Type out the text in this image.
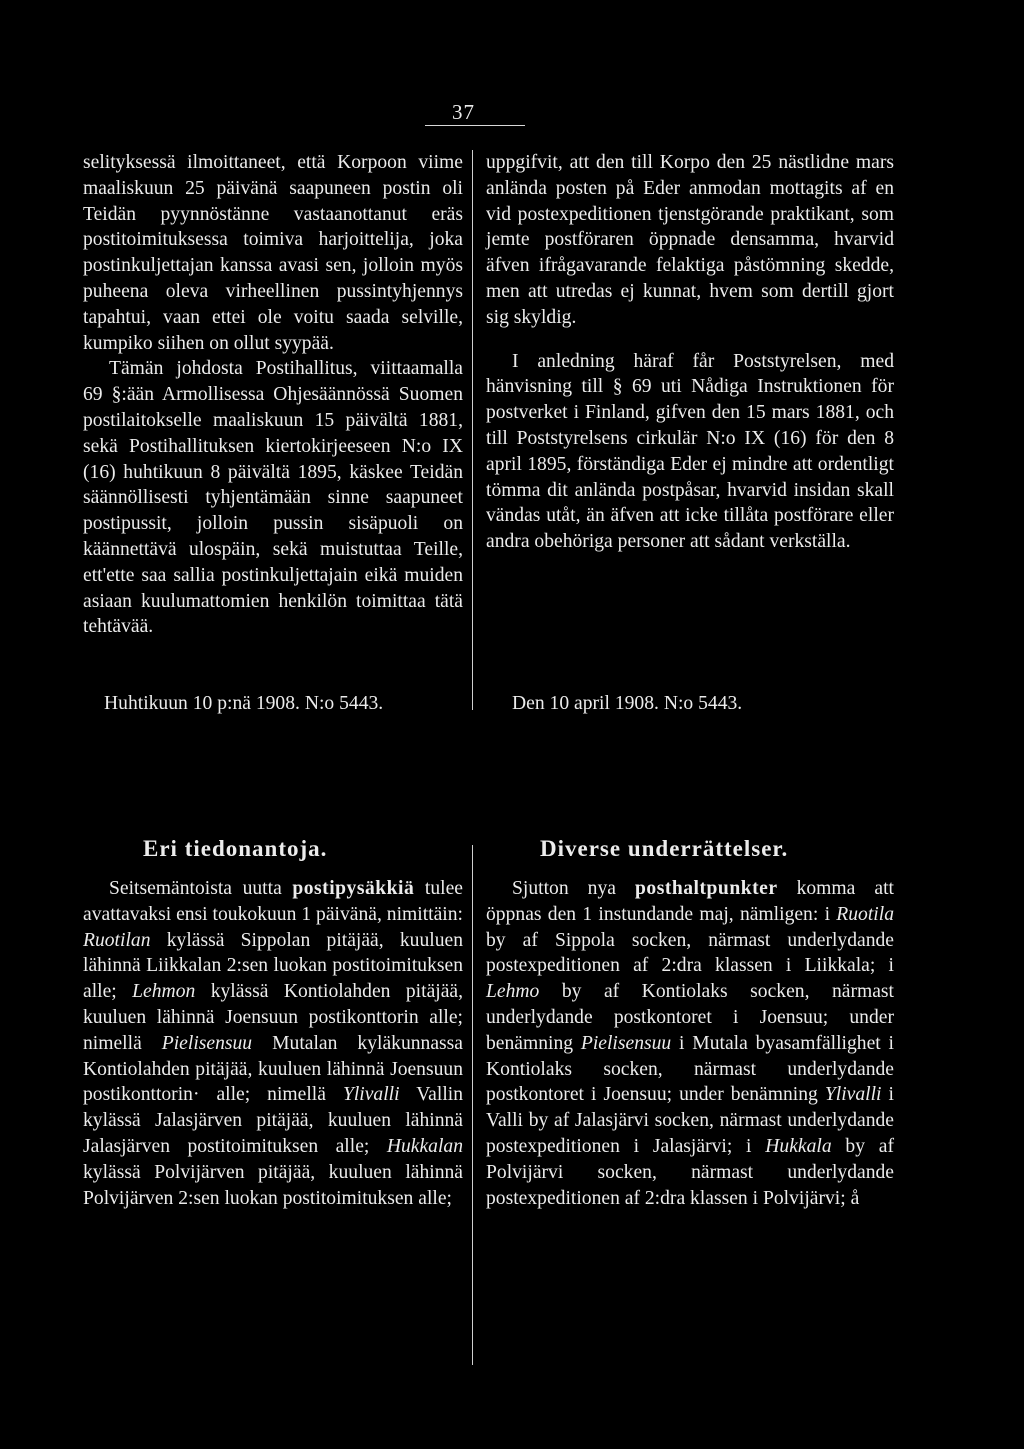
37

selityksessä ilmoittaneet, että Korpoon viime maaliskuun 25 päivänä saapuneen postin oli Teidän pyynnöstänne vastaanottanut eräs postitoimituksessa toimiva harjoittelija, joka postinkuljettajan kanssa avasi sen, jolloin myös puheena oleva virheellinen pussintyhjennys tapahtui, vaan ettei ole voitu saada selville, kumpiko siihen on ollut syypää.

Tämän johdosta Postihallitus, viittaamalla 69 §:ään Armollisessa Ohjesäännössä Suomen postilaitokselle maaliskuun 15 päivältä 1881, sekä Postihallituksen kiertokirjeeseen N:o IX (16) huhtikuun 8 päivältä 1895, käskee Teidän säännöllisesti tyhjentämään sinne saapuneet postipussit, jolloin pussin sisäpuoli on käännettävä ulospäin, sekä muistuttaa Teille, ett'ette saa sallia postinkuljettajain eikä muiden asiaan kuulumattomien henkilön toimittaa tätä tehtävää.

Huhtikuun 10 p:nä 1908. N:o 5443.

uppgifvit, att den till Korpo den 25 nästlidne mars anlända posten på Eder anmodan mottagits af en vid postexpeditionen tjenstgörande praktikant, som jemte postföraren öppnade densamma, hvarvid äfven ifrågavarande felaktiga påstömning skedde, men att utredas ej kunnat, hvem som dertill gjort sig skyldig.

I anledning häraf får Poststyrelsen, med hänvisning till § 69 uti Nådiga Instruktionen för postverket i Finland, gifven den 15 mars 1881, och till Poststyrelsens cirkulär N:o IX (16) för den 8 april 1895, förständiga Eder ej mindre att ordentligt tömma dit anlända postpåsar, hvarvid insidan skall vändas utåt, än äfven att icke tillåta postförare eller andra obehöriga personer att sådant verkställa.

Den 10 april 1908. N:o 5443.
Eri tiedonantoja.	Diverse underrättelser.

Seitsemäntoista uutta postipysäkkiä tulee avattavaksi ensi toukokuun 1 päivänä, nimittäin: Ruotilan kylässä Sippolan pitäjää, kuuluen lähinnä Liikkalan 2:sen luokan postitoimituksen alle; Lehmon kylässä Kontiolahden pitäjää, kuuluen lähinnä Joensuun postikonttorin alle; nimellä Pielisensuu Mutalan kyläkunnassa Kontiolahden pitäjää, kuuluen lähinnä Joensuun postikonttorin· alle; nimellä Ylivalli Vallin kylässä Jalasjärven pitäjää, kuuluen lähinnä Jalasjärven postitoimituksen alle; Hukkalan kylässä Polvijärven pitäjää, kuuluen lähinnä Polvijärven 2:sen luokan postitoimituksen alle;

Sjutton nya posthaltpunkter komma att öppnas den 1 instundande maj, nämligen: i Ruotila by af Sippola socken, närmast underlydande postexpeditionen af 2:dra klassen i Liikkala; i Lehmo by af Kontiolaks socken, närmast underlydande postkontoret i Joensuu; under benämning Pielisensuu i Mutala byasamfällighet i Kontiolaks socken, närmast underlydande postkontoret i Joensuu; under benämning Ylivalli i Valli by af Jalasjärvi socken, närmast underlydande postexpeditionen i Jalasjärvi; i Hukkala by af Polvijärvi socken, närmast underlydande postexpeditionen af 2:dra klassen i Polvijärvi; å
